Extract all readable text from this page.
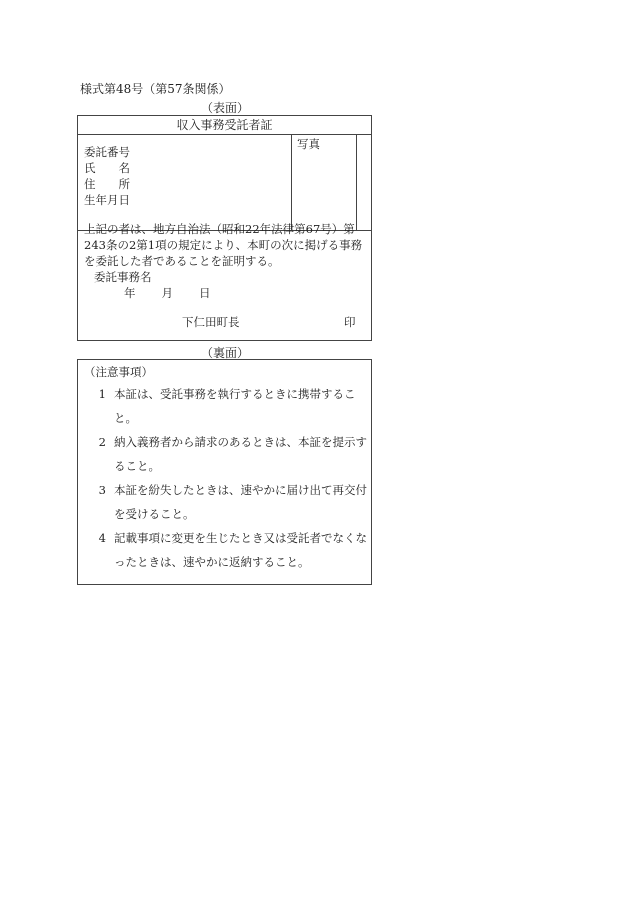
様式第48号（第57条関係）
（表面）
収入事務受託者証
委託番号
氏　　名
住　　所
生年月日
写真
上記の者は、地方自治法（昭和22年法律第67号）第243条の2第1項の規定により、本町の次に掲げる事務を委託した者であることを証明する。
委託事務名
年 月 日
下仁田町長	印
（裏面）
（注意事項）
1 本証は、受託事務を執行するときに携帯すること。
2 納入義務者から請求のあるときは、本証を提示すること。
3 本証を紛失したときは、速やかに届け出て再交付を受けること。
4 記載事項に変更を生じたとき又は受託者でなくなったときは、速やかに返納すること。
